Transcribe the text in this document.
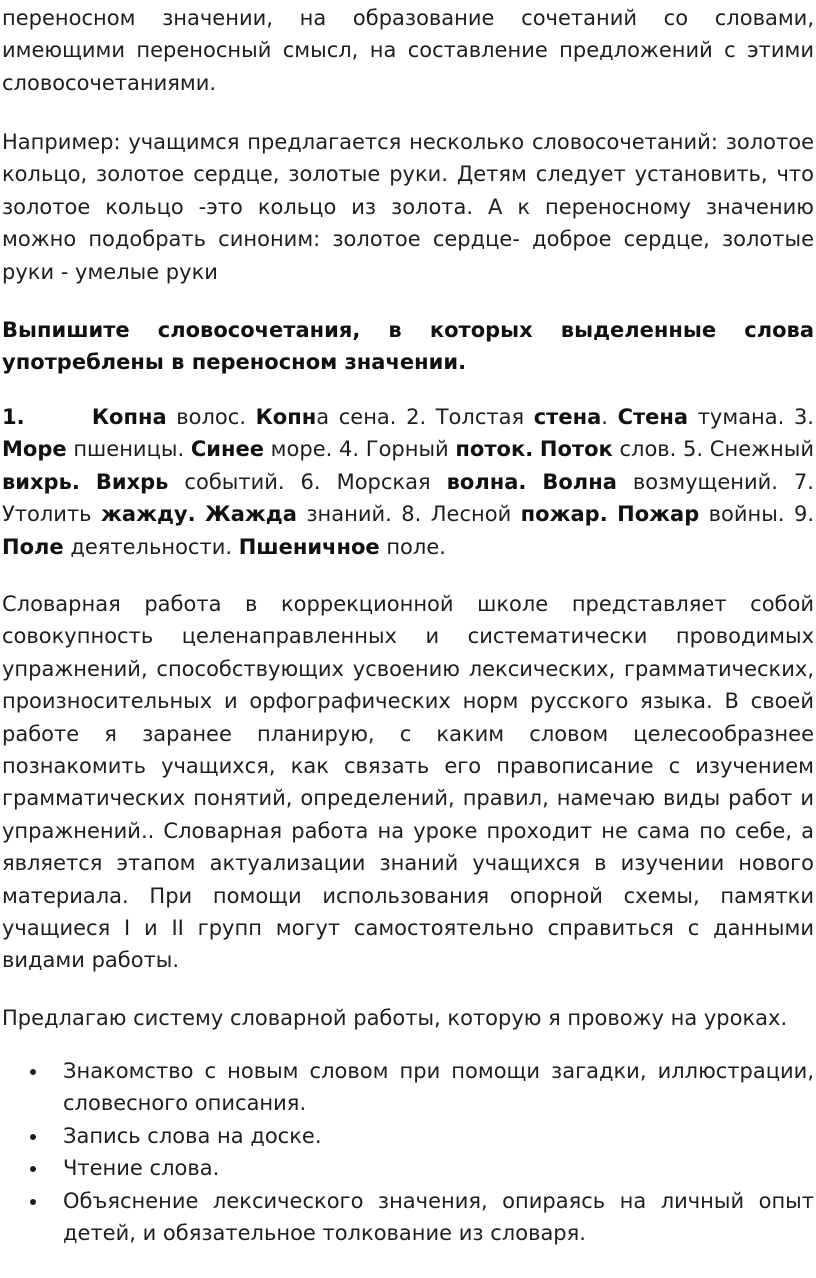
переносном значении, на образование сочетаний со словами, имеющими переносный смысл, на составление предложений с этими словосочетаниями.

Например: учащимся предлагается несколько словосочетаний: золотое кольцо, золотое сердце, золотые руки. Детям следует установить, что золотое кольцо -это кольцо из золота. А к переносному значению можно подобрать синоним: золотое сердце- доброе сердце, золотые руки - умелые руки

Выпишите словосочетания, в которых выделенные слова употреблены в переносном значении.

1.	Копна волос. Копна сена. 2. Толстая стена. Стена тумана. 3. Море пшеницы. Синее море. 4. Горный поток. Поток слов. 5. Снежный вихрь. Вихрь событий. 6. Морская волна. Волна возмущений. 7. Утолить жажду. Жажда знаний. 8. Лесной пожар. Пожар войны. 9. Поле деятельности. Пшеничное поле.

Словарная работа в коррекционной школе представляет собой совокупность целенаправленных и систематически проводимых упражнений, способствующих усвоению лексических, грамматических, произносительных и орфографических норм русского языка. В своей работе я заранее планирую, с каким словом целесообразнее познакомить учащихся, как связать его правописание с изучением грамматических понятий, определений, правил, намечаю виды работ и упражнений.. Словарная работа на уроке проходит не сама по себе, а является этапом актуализации знаний учащихся в изучении нового материала. При помощи использования опорной схемы, памятки учащиеся I и II групп могут самостоятельно справиться с данными видами работы.

Предлагаю систему словарной работы, которую я провожу на уроках.

Знакомство с новым словом при помощи загадки, иллюстрации, словесного описания.
Запись слова на доске.
Чтение слова.
Объяснение лексического значения, опираясь на личный опыт детей, и обязательное толкование из словаря.
